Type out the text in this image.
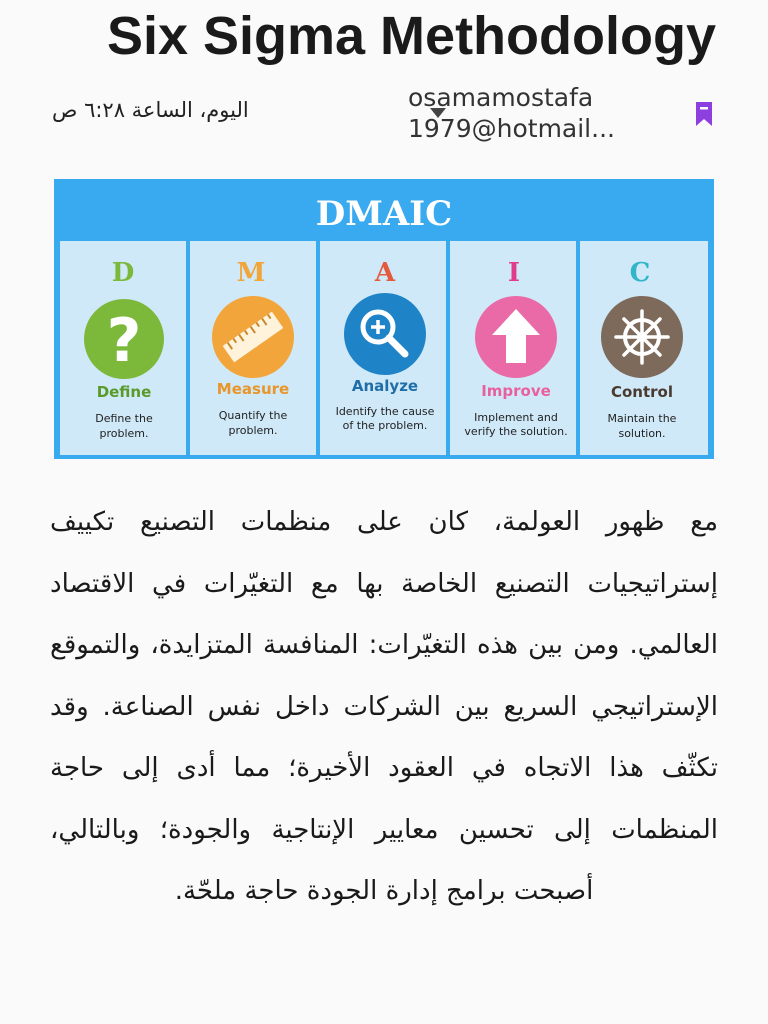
Six Sigma Methodology
osamamostafa
1979@hotmail...
اليوم، الساعة ٦:٢٨ ص
DMAIC
D
?
Define
Define the
problem.
M
Measure
Quantify the
problem.
A
Analyze
Identify the cause
of the problem.
I
Improve
Implement and
verify the solution.
C
Control
Maintain the
solution.

مع ظهور العولمة، كان على منظمات التصنيع تكييف إستراتيجيات التصنيع الخاصة بها مع التغيّرات في الاقتصاد العالمي. ومن بين هذه التغيّرات: المنافسة المتزايدة، والتموقع الإستراتيجي السريع بين الشركات داخل نفس الصناعة. وقد تكثّف هذا الاتجاه في العقود الأخيرة؛ مما أدى إلى حاجة المنظمات إلى تحسين معايير الإنتاجية والجودة؛ وبالتالي، أصبحت برامج إدارة الجودة حاجة ملحّة.
